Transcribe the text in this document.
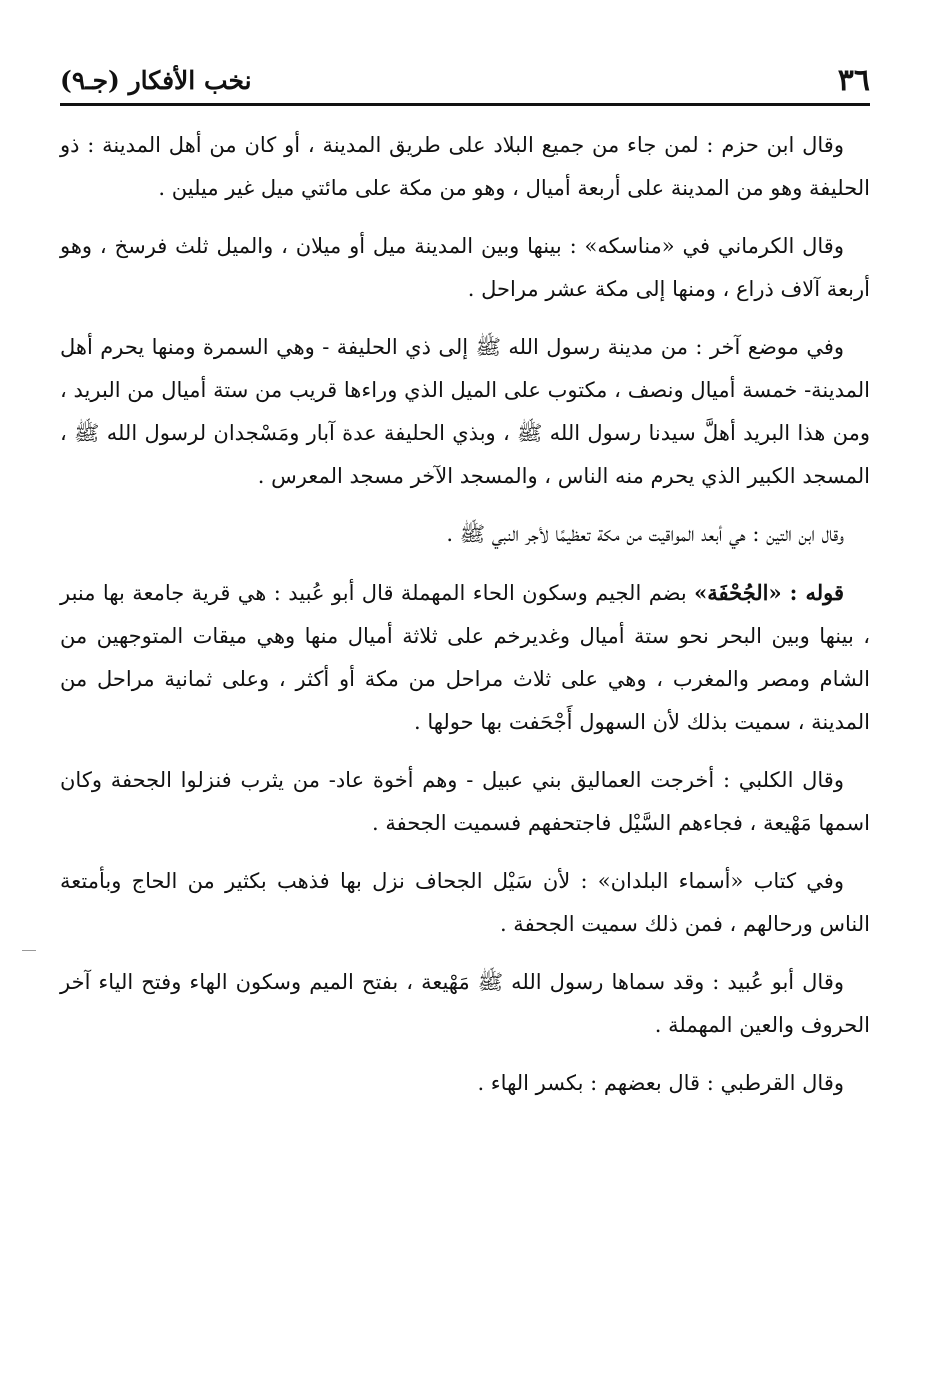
٣٦
نخب الأفكار (جـ٩)

وقال ابن حزم : لمن جاء من جميع البلاد على طريق المدينة ، أو كان من أهل المدينة : ذو الحليفة وهو من المدينة على أربعة أميال ، وهو من مكة على مائتي ميل غير ميلين .

وقال الكرماني في «مناسكه» : بينها وبين المدينة ميل أو ميلان ، والميل ثلث فرسخ ، وهو أربعة آلاف ذراع ، ومنها إلى مكة عشر مراحل .

وفي موضع آخر : من مدينة رسول الله ﷺ إلى ذي الحليفة - وهي السمرة ومنها يحرم أهل المدينة- خمسة أميال ونصف ، مكتوب على الميل الذي وراءها قريب من ستة أميال من البريد ، ومن هذا البريد أهلَّ سيدنا رسول الله ﷺ ، وبذي الحليفة عدة آبار ومَسْجدان لرسول الله ﷺ ، المسجد الكبير الذي يحرم منه الناس ، والمسجد الآخر مسجد المعرس .

وقال ابن التين : هي أبعد المواقيت من مكة تعظيمًا لأجر النبي ﷺ .

قوله : «الجُحْفَة» بضم الجيم وسكون الحاء المهملة قال أبو عُبيد : هي قرية جامعة بها منبر ، بينها وبين البحر نحو ستة أميال وغديرخم على ثلاثة أميال منها وهي ميقات المتوجهين من الشام ومصر والمغرب ، وهي على ثلاث مراحل من مكة أو أكثر ، وعلى ثمانية مراحل من المدينة ، سميت بذلك لأن السهول أَجْحَفت بها حولها .

وقال الكلبي : أخرجت العماليق بني عبيل - وهم أخوة عاد- من يثرب فنزلوا الجحفة وكان اسمها مَهْيعة ، فجاءهم السَّيْل فاجتحفهم فسميت الجحفة .

وفي كتاب «أسماء البلدان» : لأن سَيْل الجحاف نزل بها فذهب بكثير من الحاج وبأمتعة الناس ورحالهم ، فمن ذلك سميت الجحفة .

وقال أبو عُبيد : وقد سماها رسول الله ﷺ مَهْيعة ، بفتح الميم وسكون الهاء وفتح الياء آخر الحروف والعين المهملة .

وقال القرطبي : قال بعضهم : بكسر الهاء .
